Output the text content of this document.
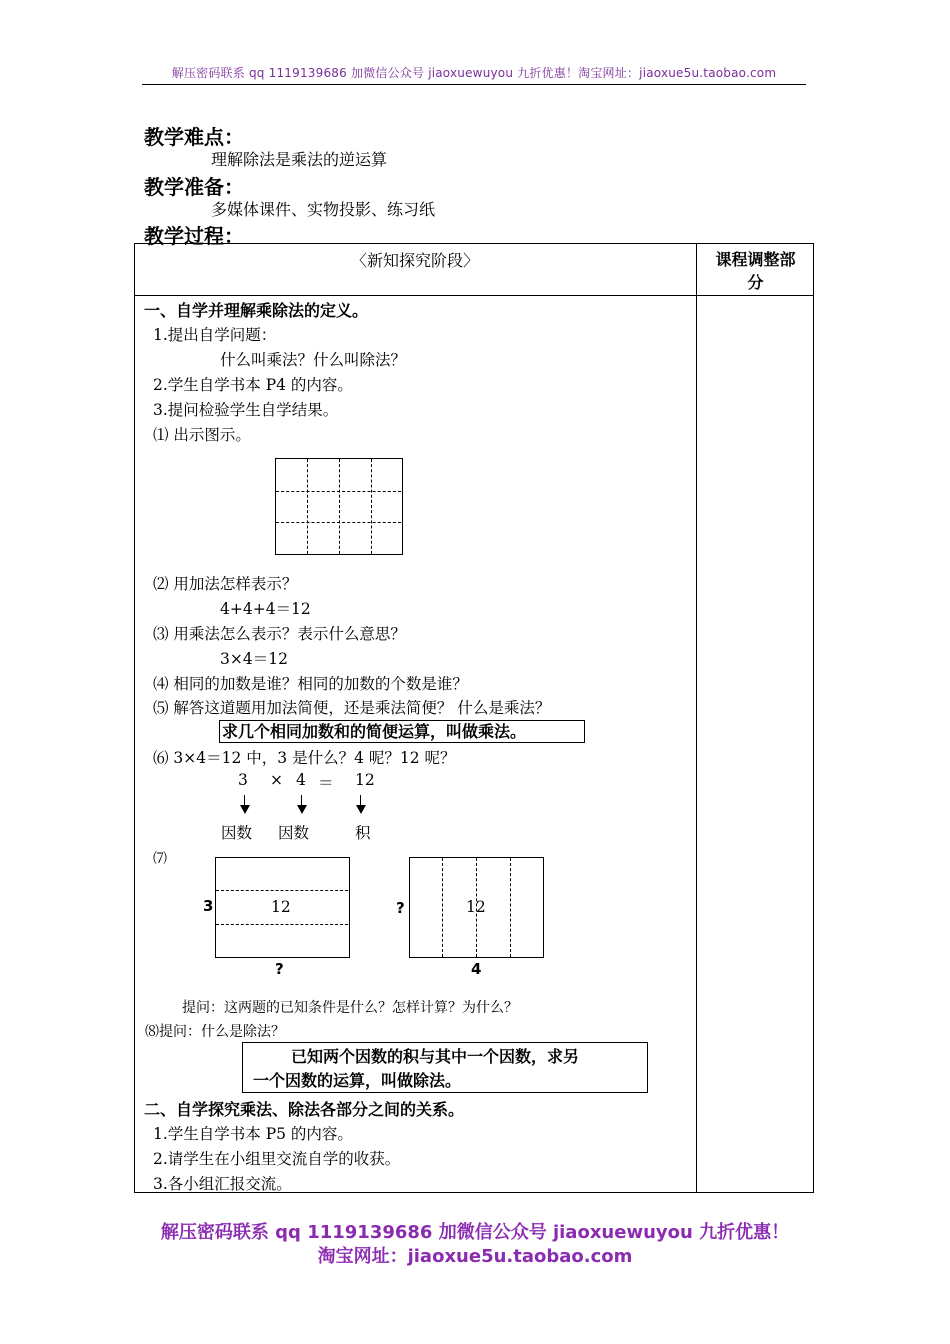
解压密码联系 qq 1119139686 加微信公众号 jiaoxuewuyou 九折优惠！淘宝网址：jiaoxue5u.taobao.com
教学难点：
理解除法是乘法的逆运算
教学准备：
多媒体课件、实物投影、练习纸
教学过程：
〈新知探究阶段〉	课程调整部
分
一、自学并理解乘除法的定义。
1.提出自学问题：
什么叫乘法？什么叫除法？
2.学生自学书本 P4 的内容。
3.提问检验学生自学结果。
⑴ 出示图示。
⑵ 用加法怎样表示？
4+4+4＝12
⑶ 用乘法怎么表示？表示什么意思？
3×4＝12
⑷ 相同的加数是谁？相同的加数的个数是谁？
⑸ 解答这道题用加法简便，还是乘法简便？ 什么是乘法？
求几个相同加数和的简便运算，叫做乘法。
⑹ 3×4＝12 中，3 是什么？4 呢？12 呢？
3 × 4 ＝ 12
因数 因数	积
⑺
3	12
?
?	12
4
提问：这两题的已知条件是什么？怎样计算？为什么？
⑻提问：什么是除法？
已知两个因数的积与其中一个因数，求另
一个因数的运算，叫做除法。
二、自学探究乘法、除法各部分之间的关系。
1.学生自学书本 P5 的内容。
2.请学生在小组里交流自学的收获。
3.各小组汇报交流。
解压密码联系 qq 1119139686 加微信公众号 jiaoxuewuyou 九折优惠！
淘宝网址：jiaoxue5u.taobao.com
